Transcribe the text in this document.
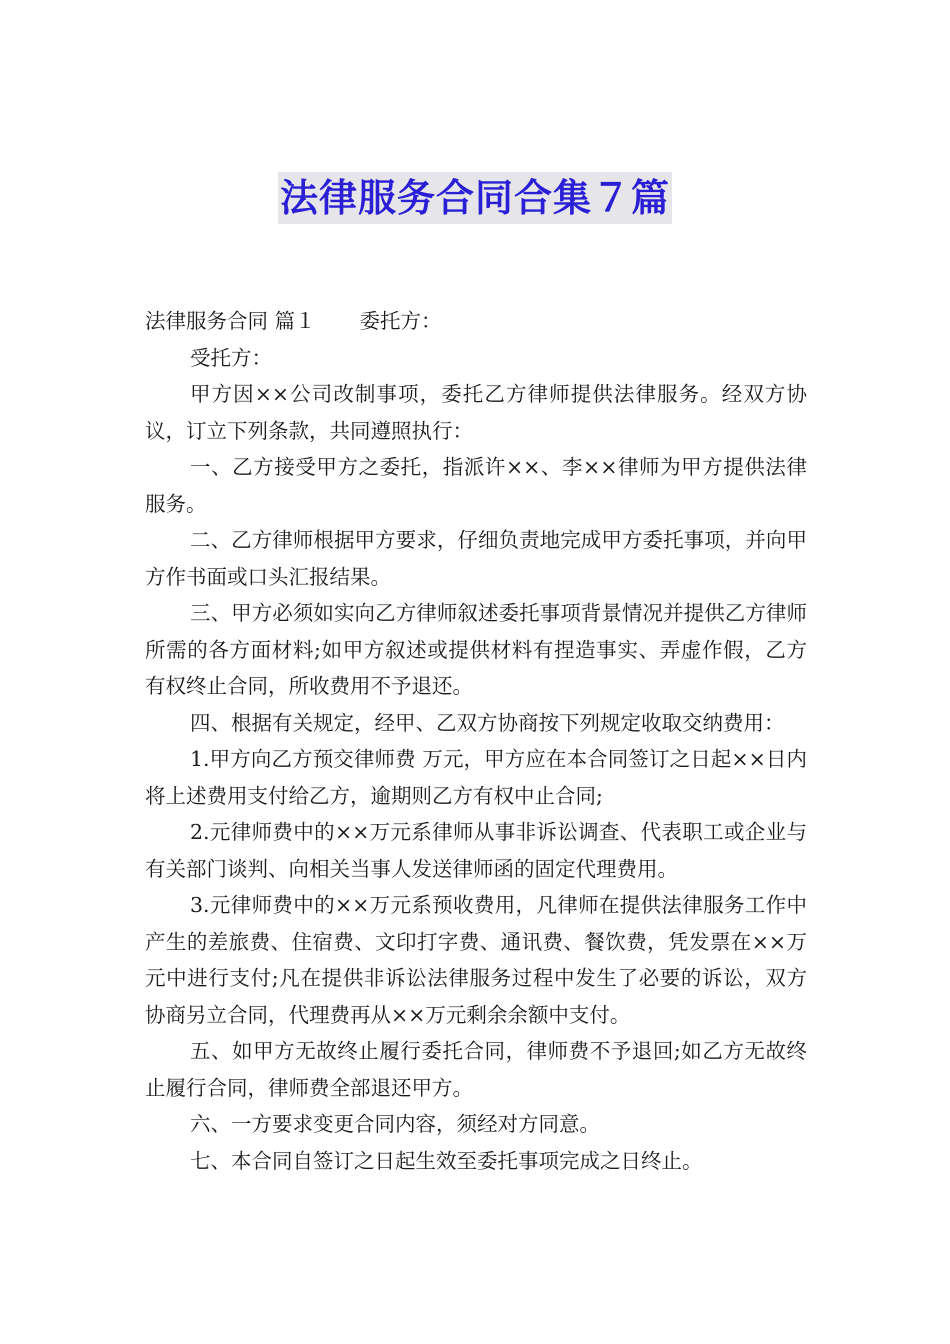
法律服务合同合集７篇

法律服务合同 篇１ 委托方：

受托方：

甲方因××公司改制事项，委托乙方律师提供法律服务。经双方协议，订立下列条款，共同遵照执行：

一、乙方接受甲方之委托，指派许××、李××律师为甲方提供法律服务。

二、乙方律师根据甲方要求，仔细负责地完成甲方委托事项，并向甲方作书面或口头汇报结果。

三、甲方必须如实向乙方律师叙述委托事项背景情况并提供乙方律师所需的各方面材料;如甲方叙述或提供材料有捏造事实、弄虚作假，乙方有权终止合同，所收费用不予退还。

四、根据有关规定，经甲、乙双方协商按下列规定收取交纳费用：

1.甲方向乙方预交律师费 万元，甲方应在本合同签订之日起××日内将上述费用支付给乙方，逾期则乙方有权中止合同;

2.元律师费中的××万元系律师从事非诉讼调查、代表职工或企业与有关部门谈判、向相关当事人发送律师函的固定代理费用。

3.元律师费中的××万元系预收费用，凡律师在提供法律服务工作中产生的差旅费、住宿费、文印打字费、通讯费、餐饮费，凭发票在××万元中进行支付;凡在提供非诉讼法律服务过程中发生了必要的诉讼，双方协商另立合同，代理费再从××万元剩余余额中支付。

五、如甲方无故终止履行委托合同，律师费不予退回;如乙方无故终止履行合同，律师费全部退还甲方。

六、一方要求变更合同内容，须经对方同意。

七、本合同自签订之日起生效至委托事项完成之日终止。
